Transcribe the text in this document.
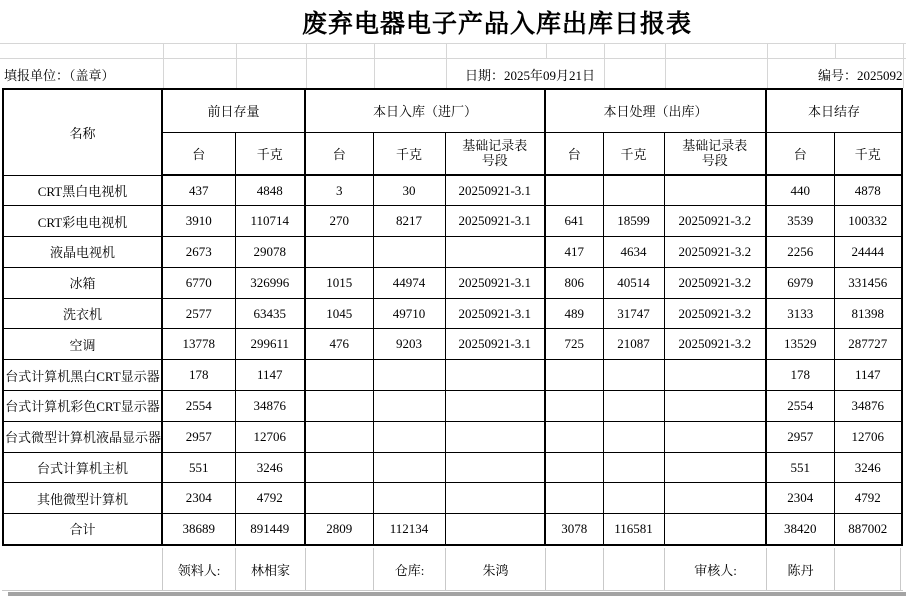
废弃电器电子产品入库出库日报表
填报单位：（盖章）	日期：2025年09月21日	编号：2025092
名称	前日存量		本日入库（进厂）			本日处理（出库）			本日结存	
	台	千克	台	千克	基础记录表号段	台	千克	基础记录表号段	台	千克
CRT黑白电视机	437	4848	3	30	20250921-3.1				440	4878
CRT彩电电视机	3910	110714	270	8217	20250921-3.1	641	18599	20250921-3.2	3539	100332
液晶电视机	2673	29078				417	4634	20250921-3.2	2256	24444
冰箱	6770	326996	1015	44974	20250921-3.1	806	40514	20250921-3.2	6979	331456
洗衣机	2577	63435	1045	49710	20250921-3.1	489	31747	20250921-3.2	3133	81398
空调	13778	299611	476	9203	20250921-3.1	725	21087	20250921-3.2	13529	287727
台式计算机黑白CRT显示器	178	1147							178	1147
台式计算机彩色CRT显示器	2554	34876							2554	34876
台式微型计算机液晶显示器	2957	12706							2957	12706
台式计算机主机	551	3246							551	3246
其他微型计算机	2304	4792							2304	4792
合计	38689	891449	2809	112134		3078	116581		38420	887002
领料人:	林相家	仓库:	朱鸿	审核人:	陈丹
